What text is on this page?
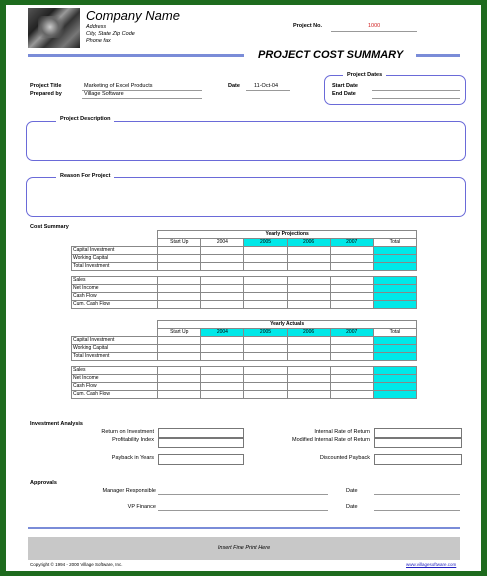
Company Name
Address
City, State Zip Code
Phone fax
Project No.	1000
PROJECT COST SUMMARY
Project Title	Marketing of Excel Products
Prepared by	Village Software
Date	11-Oct-04
Project Dates
Start Date
End Date
Project Description
Reason For Project
Cost Summary
	Yearly Projections					
	Start Up	2004	2005	2006	2007	Total
Capital Investment						
Working Capital						
Total Investment						

Sales						
Net Income						
Cash Flow						
Cum. Cash Flow						
	Yearly Actuals					
	Start Up	2004	2005	2006	2007	Total
Capital Investment						
Working Capital						
Total Investment						

Sales						
Net Income						
Cash Flow						
Cum. Cash Flow						
Investment Analysis
Return on Investment
Profitability Index
Payback in Years
Internal Rate of Return
Modified Internal Rate of Return
Discounted Payback
Approvals
Manager Responsible	Date
VP Finance	Date
Insert Fine Print Here
Copyright © 1994 - 2000 Village Software, Inc.	www.villagesoftware.com
